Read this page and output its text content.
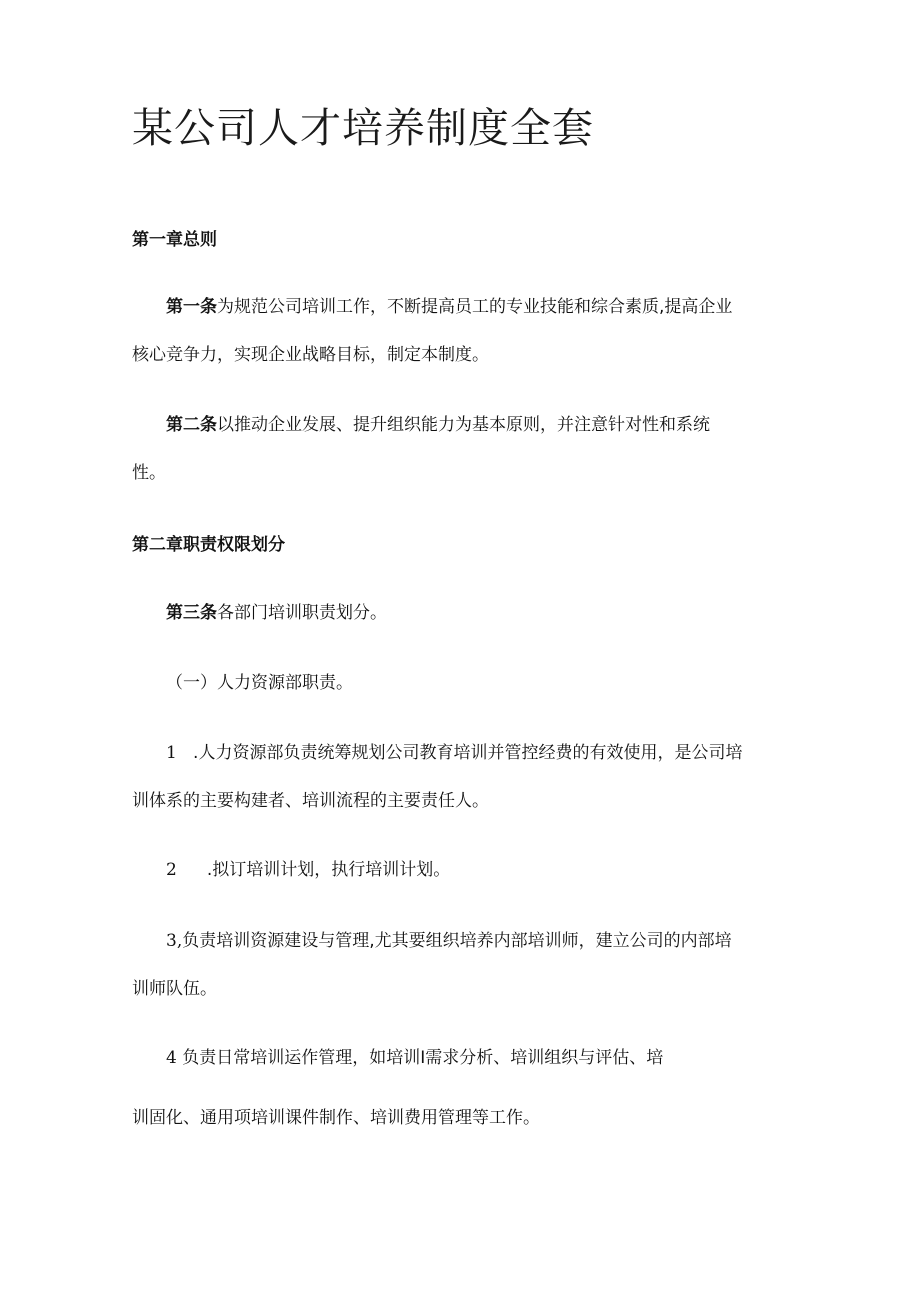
某公司人才培养制度全套
第一章总则
第一条为规范公司培训工作，不断提高员工的专业技能和综合素质,提高企业
核心竞争力，实现企业战略目标，制定本制度。
第二条以推动企业发展、提升组织能力为基本原则，并注意针对性和系统
性。
第二章职责权限划分
第三条各部门培训职责划分。
（一）人力资源部职责。
1 .人力资源部负责统筹规划公司教育培训并管控经费的有效使用，是公司培
训体系的主要构建者、培训流程的主要责任人。
2 .拟订培训计划，执行培训计划。
3,负责培训资源建设与管理,尤其要组织培养内部培训师，建立公司的内部培
训师队伍。
4 负责日常培训运作管理，如培训I需求分析、培训组织与评估、培
训固化、通用项培训课件制作、培训费用管理等工作。
